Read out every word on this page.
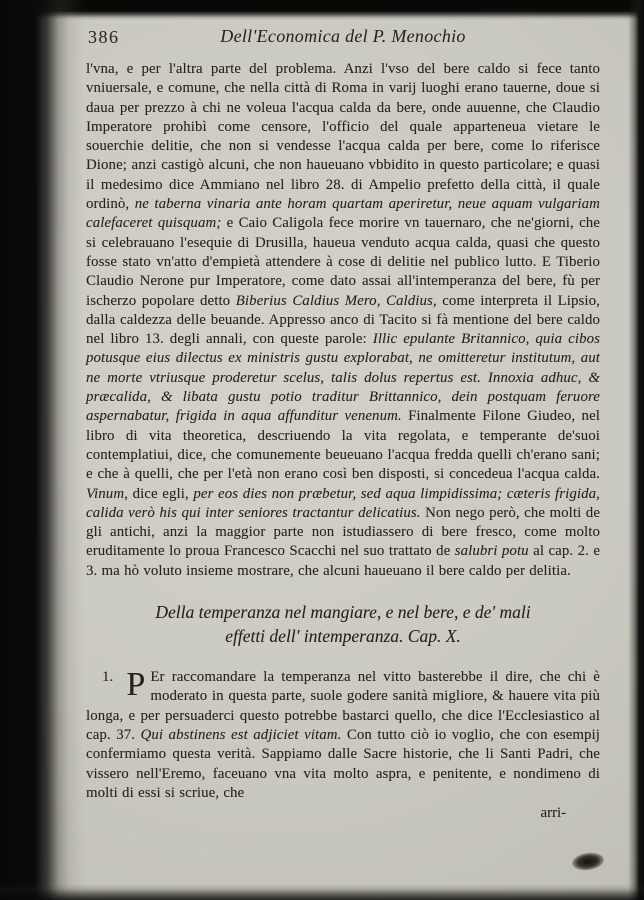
386	Dell'Economica del P. Menochio

l'vna, e per l'altra parte del problema. Anzi l'vso del bere caldo si fece tanto vniuersale, e comune, che nella città di Roma in varij luoghi erano tauerne, doue si daua per prezzo à chi ne voleua l'acqua calda da bere, onde auuenne, che Claudio Imperatore prohibì come censore, l'officio del quale apparteneua vietare le souerchie delitie, che non si vendesse l'acqua calda per bere, come lo riferisce Dione; anzi castigò alcuni, che non haueuano vbbidito in questo particolare; e quasi il medesimo dice Ammiano nel libro 28. di Ampelio prefetto della città, il quale ordinò, ne taberna vinaria ante horam quartam aperiretur, neue aquam vulgariam calefaceret quisquam; e Caio Caligola fece morire vn tauernaro, che ne'giorni, che si celebrauano l'esequie di Drusilla, haueua venduto acqua calda, quasi che questo fosse stato vn'atto d'empietà attendere à cose di delitie nel publico lutto. E Tiberio Claudio Nerone pur Imperatore, come dato assai all'intemperanza del bere, fù per ischerzo popolare detto Biberius Caldius Mero, Caldius, come interpreta il Lipsio, dalla caldezza delle beuande. Appresso anco di Tacito si fà mentione del bere caldo nel libro 13. degli annali, con queste parole: Illic epulante Britannico, quia cibos potusque eius dilectus ex ministris gustu explorabat, ne omitteretur institutum, aut ne morte vtriusque proderetur scelus, talis dolus repertus est. Innoxia adhuc, & præcalida, & libata gustu potio traditur Brittannico, dein postquam feruore aspernabatur, frigida in aqua affunditur venenum. Finalmente Filone Giudeo, nel libro di vita theoretica, descriuendo la vita regolata, e temperante de'suoi contemplatiui, dice, che comunemente beueuano l'acqua fredda quelli ch'erano sani; e che à quelli, che per l'età non erano così ben disposti, si concedeua l'acqua calda. Vinum, dice egli, per eos dies non præbetur, sed aqua limpidissima; cæteris frigida, calida verò his qui inter seniores tractantur delicatius. Non nego però, che molti de gli antichi, anzi la maggior parte non istudiassero di bere fresco, come molto eruditamente lo proua Francesco Scacchi nel suo trattato de salubri potu al cap. 2. e 3. ma hò voluto insieme mostrare, che alcuni haueuano il bere caldo per delitia.

Della temperanza nel mangiare, e nel bere, e de' mali
effetti dell' intemperanza. Cap. X.

1. P Er raccomandare la temperanza nel vitto basterebbe il dire, che chi è moderato in questa parte, suole godere sanità migliore, & hauere vita più longa, e per persuaderci questo potrebbe bastarci quello, che dice l'Ecclesiastico al cap. 37. Qui abstinens est adjiciet vitam. Con tutto ciò io voglio, che con esempij confermiamo questa verità. Sappiamo dalle Sacre historie, che li Santi Padri, che vissero nell'Eremo, faceuano vna vita molto aspra, e penitente, e nondimeno di molti di essi si scriue, che

arri-
